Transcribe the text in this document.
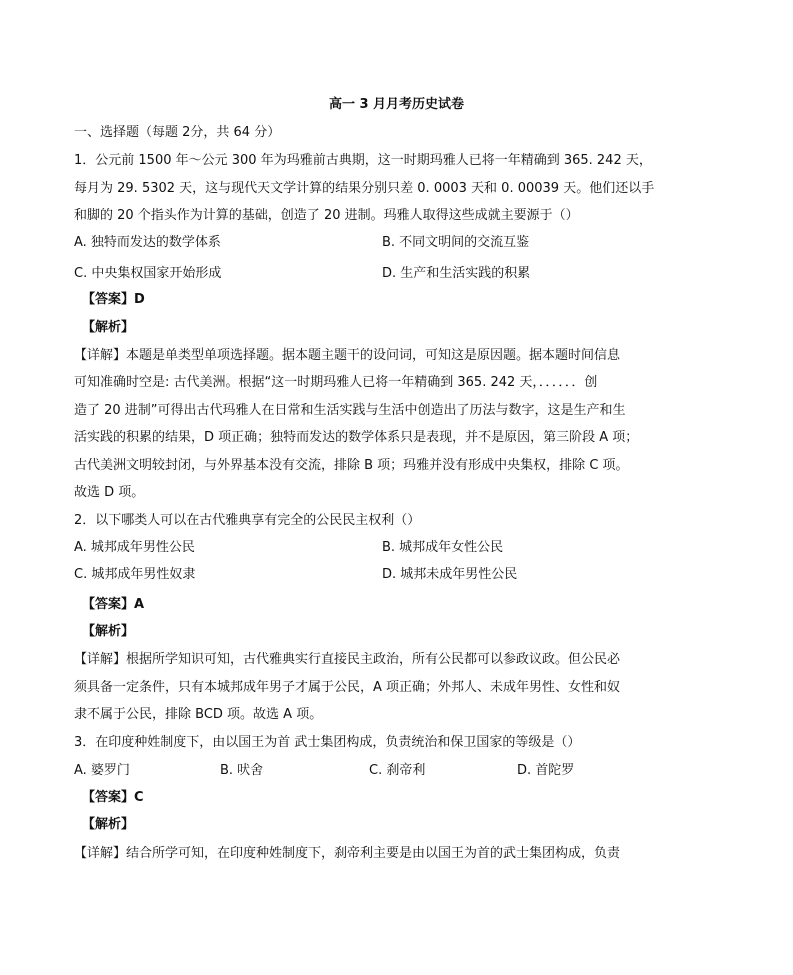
高一 3 月月考历史试卷
一、选择题（每题 2分，共 64 分）
1．公元前 1500 年～公元 300 年为玛雅前古典期，这一时期玛雅人已将一年精确到 365. 242 天，
每月为 29. 5302 天，这与现代天文学计算的结果分别只差 0. 0003 天和 0. 00039 天。他们还以手
和脚的 20 个指头作为计算的基础，创造了 20 进制。玛雅人取得这些成就主要源于（）
A. 独特而发达的数学体系	B. 不同文明间的交流互鉴
C. 中央集权国家开始形成	D. 生产和生活实践的积累
【答案】D
【解析】
【详解】本题是单类型单项选择题。据本题主题干的设问词，可知这是原因题。据本题时间信息
可知准确时空是: 古代美洲。根据“这一时期玛雅人已将一年精确到 365. 242 天，．．．．．．创
造了 20 进制”可得出古代玛雅人在日常和生活实践与生活中创造出了历法与数字，这是生产和生
活实践的积累的结果，D 项正确；独特而发达的数学体系只是表现，并不是原因，第三阶段 A 项；
古代美洲文明较封闭，与外界基本没有交流，排除 B 项；玛雅并没有形成中央集权，排除 C 项。
故选 D 项。
2．以下哪类人可以在古代雅典享有完全的公民民主权利（）
A. 城邦成年男性公民	B. 城邦成年女性公民
C. 城邦成年男性奴隶	D. 城邦未成年男性公民
【答案】A
【解析】
【详解】根据所学知识可知，古代雅典实行直接民主政治，所有公民都可以参政议政。但公民必
须具备一定条件，只有本城邦成年男子才属于公民，A 项正确；外邦人、未成年男性、女性和奴
隶不属于公民，排除 BCD 项。故选 A 项。
3．在印度种姓制度下，由以国王为首 武士集团构成，负责统治和保卫国家的等级是（）
A. 婆罗门	B. 吠舍	C. 刹帝利	D. 首陀罗
【答案】C
【解析】
【详解】结合所学可知，在印度种姓制度下，刹帝利主要是由以国王为首的武士集团构成，负责
